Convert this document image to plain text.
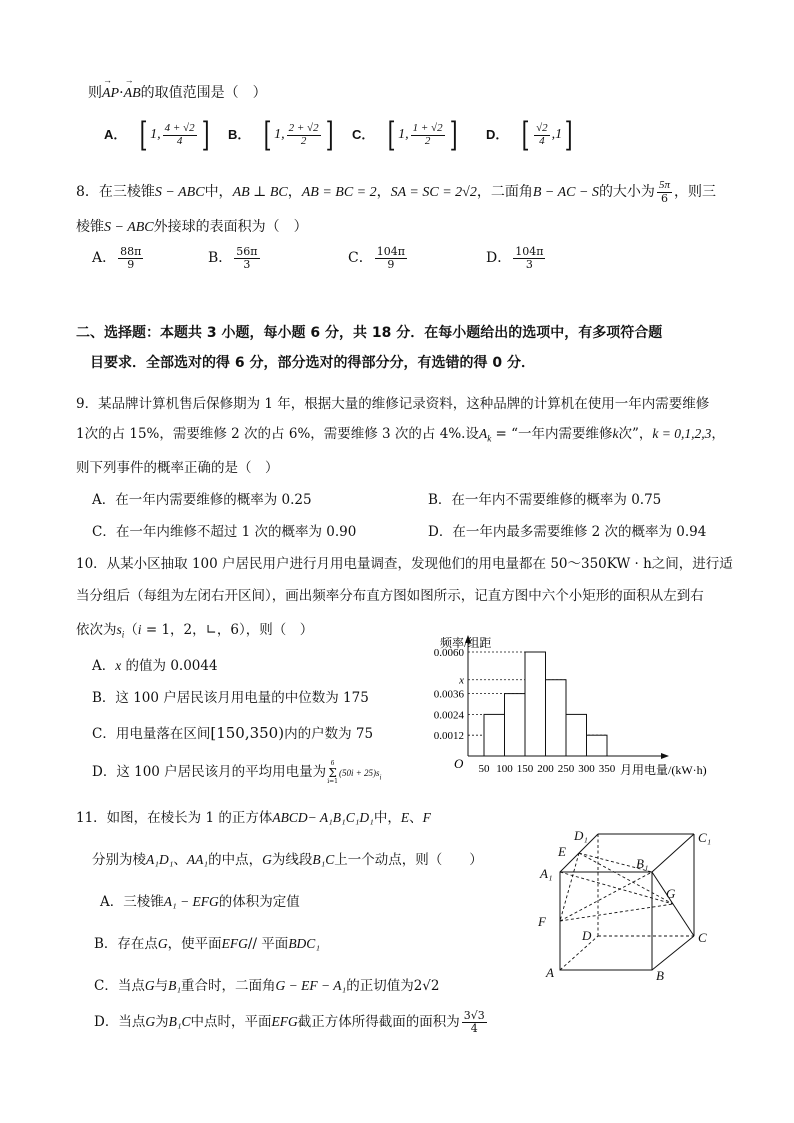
则→ AP·→ AB的取值范围是（　）
A． [ 1, $\frac{4 + √2}{4}$ ] B． [ 1, $\frac{2 + √2}{2}$ ] C． [ 1, $\frac{1 + √2}{2}$ ] D． [ $\frac{√2}{4} ,1$ ]
8．在三棱锥S − ABC中，AB ⊥ BC，AB = BC = 2，SA = SC = 2√2，二面角B − AC − S的大小为 $\frac{5\pi}{6}$ ，则三
棱锥S − ABC外接球的表面积为（　）
A． $\frac{88\pi}{9}$	B． $\frac{56\pi}{3}$	C． $\frac{104\pi}{9}$	D． $\frac{104\pi}{3}$
二、选择题：本题共 3 小题，每小题 6 分，共 18 分．在每小题给出的选项中，有多项符合题
目要求．全部选对的得 6 分，部分选对的得部分分，有选错的得 0 分．
9．某品牌计算机售后保修期为 1 年，根据大量的维修记录资料，这种品牌的计算机在使用一年内需要维修
1次的占 15%，需要维修 2 次的占 6%，需要维修 3 次的占 4%.设$A_k$ = “一年内需要维修k次”，k = 0,1,2,3，
则下列事件的概率正确的是（　）
A．在一年内需要维修的概率为 0.25	B．在一年内不需要维修的概率为 0.75
C．在一年内维修不超过 1 次的概率为 0.90	D．在一年内最多需要维修 2 次的概率为 0.94
10．从某小区抽取 100 户居民用户进行月用电量调查，发现他们的用电量都在 50～350KW · h之间，进行适
当分组后（每组为左闭右开区间），画出频率分布直方图如图所示，记直方图中六个小矩形的面积从左到右
依次为$s_i(i = 1$，2，∟，6），则（　）
A．x 的值为 0.0044
B．这 100 户居民该月用电量的中位数为 175
C．用电量落在区间[150,350)内的户数为 75
D．这 100 户居民该月的平均用电量为
6
Σ
i=1
$(50i + 25)s_i$
0.0012
0.0024
0.0036
x
0.0060
50 100 150 200 250 300 350
频率/组距
月用电量/(kW·h)
O
11．如图，在棱长为 1 的正方体ABCD− A₁B₁C₁D₁中，E、F
分别为棱A₁D₁、AA₁的中点，G为线段B₁C上一个动点，则（　　）
A．三棱锥A₁ − EFG的体积为定值
B．存在点G，使平面EFG// 平面BDC₁
C．当点G与B₁重合时，二面角G − EF − A₁的正切值为2√2
D．当点G为B₁C中点时，平面EFG截正方体所得截面的面积为 $\frac{3√3}{4}$
A₁
A	B
C
D
B₁
C₁
D₁
E
F
G
